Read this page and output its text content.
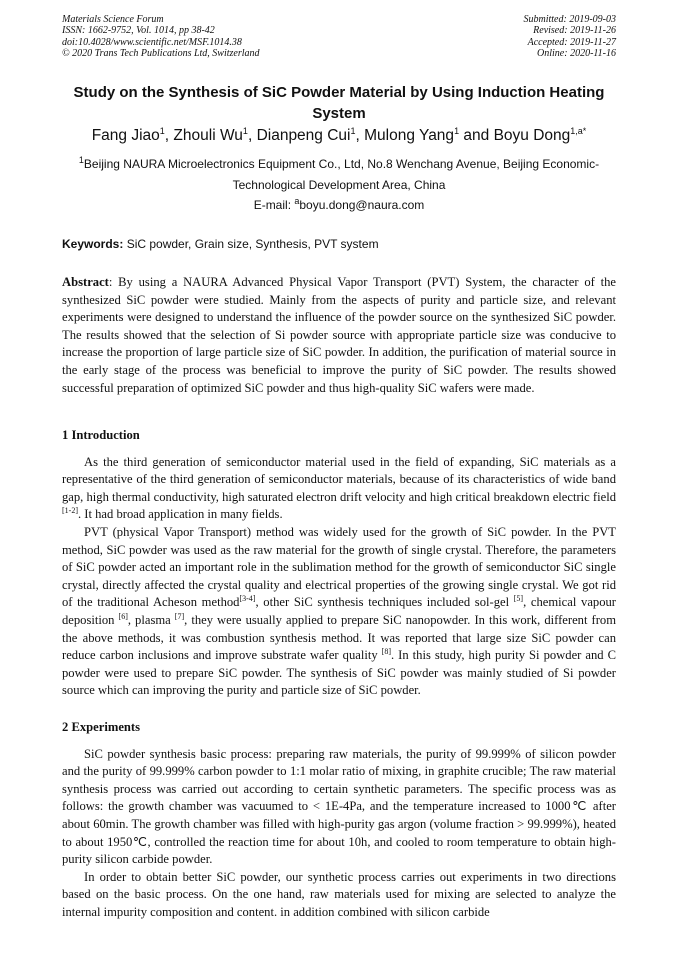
Materials Science Forum
ISSN: 1662-9752, Vol. 1014, pp 38-42
doi:10.4028/www.scientific.net/MSF.1014.38
© 2020 Trans Tech Publications Ltd, Switzerland
Submitted: 2019-09-03
Revised: 2019-11-26
Accepted: 2019-11-27
Online: 2020-11-16
Study on the Synthesis of SiC Powder Material by Using Induction Heating System
Fang Jiao$^1$, Zhouli Wu$^1$, Dianpeng Cui$^1$, Mulong Yang$^1$ and Boyu Dong$^{1,a*}$
$^1$Beijing NAURA Microelectronics Equipment Co., Ltd, No.8 Wenchang Avenue, Beijing Economic-Technological Development Area, China
E-mail: $^a$boyu.dong@naura.com
Keywords: SiC powder, Grain size, Synthesis, PVT system
Abstract: By using a NAURA Advanced Physical Vapor Transport (PVT) System, the character of the synthesized SiC powder were studied. Mainly from the aspects of purity and particle size, and relevant experiments were designed to understand the influence of the powder source on the synthesized SiC powder. The results showed that the selection of Si powder source with appropriate particle size was conducive to increase the proportion of large particle size of SiC powder. In addition, the purification of material source in the early stage of the process was beneficial to improve the purity of SiC powder. The results showed successful preparation of optimized SiC powder and thus high-quality SiC wafers were made.
1 Introduction

As the third generation of semiconductor material used in the field of expanding, SiC materials as a representative of the third generation of semiconductor materials, because of its characteristics of wide band gap, high thermal conductivity, high saturated electron drift velocity and high critical breakdown electric field [1-2]. It had broad application in many fields.

PVT (physical Vapor Transport) method was widely used for the growth of SiC powder. In the PVT method, SiC powder was used as the raw material for the growth of single crystal. Therefore, the parameters of SiC powder acted an important role in the sublimation method for the growth of semiconductor SiC single crystal, directly affected the crystal quality and electrical properties of the growing single crystal. We got rid of the traditional Acheson method[3-4], other SiC synthesis techniques included sol-gel [5], chemical vapour deposition [6], plasma [7], they were usually applied to prepare SiC nanopowder. In this work, different from the above methods, it was combustion synthesis method. It was reported that large size SiC powder can reduce carbon inclusions and improve substrate wafer quality [8]. In this study, high purity Si powder and C powder were used to prepare SiC powder. The synthesis of SiC powder was mainly studied of Si powder source which can improving the purity and particle size of SiC powder.

2 Experiments

SiC powder synthesis basic process: preparing raw materials, the purity of 99.999% of silicon powder and the purity of 99.999% carbon powder to 1:1 molar ratio of mixing, in graphite crucible; The raw material synthesis process was carried out according to certain synthetic parameters. The specific process was as follows: the growth chamber was vacuumed to < 1E-4Pa, and the temperature increased to 1000℃ after about 60min. The growth chamber was filled with high-purity gas argon (volume fraction > 99.999%), heated to about 1950℃, controlled the reaction time for about 10h, and cooled to room temperature to obtain high-purity silicon carbide powder.

In order to obtain better SiC powder, our synthetic process carries out experiments in two directions based on the basic process. On the one hand, raw materials used for mixing are selected to analyze the internal impurity composition and content. in addition combined with silicon carbide
